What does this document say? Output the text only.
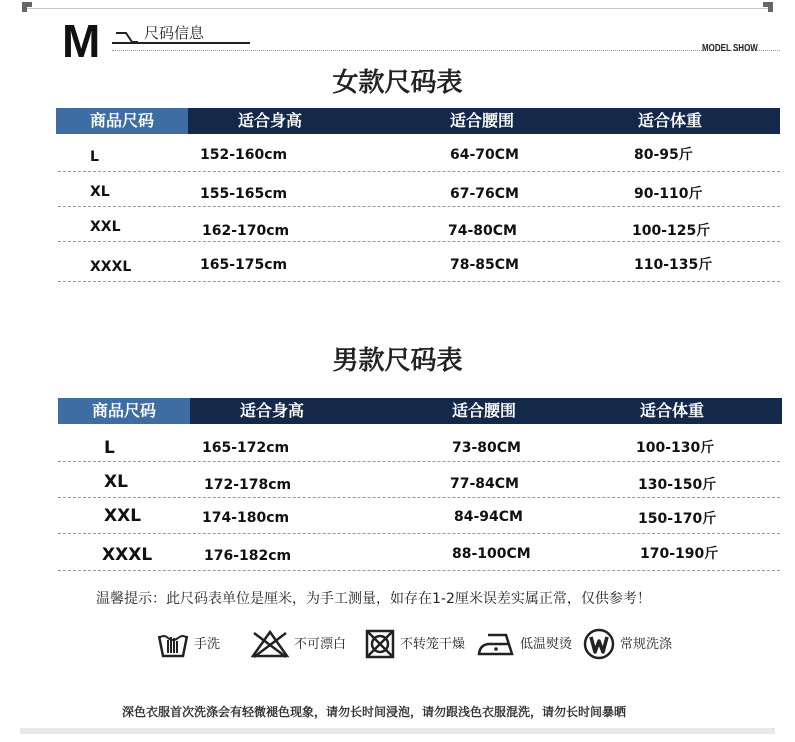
M	尺码信息
MODEL SHOW
女款尺码表
商品尺码	适合身高	适合腰围	适合体重
L	152-160cm	64-70CM	80-95斤
XL	155-165cm	67-76CM	90-110斤
XXL	162-170cm	74-80CM	100-125斤
XXXL	165-175cm	78-85CM	110-135斤
男款尺码表
商品尺码	适合身高	适合腰围	适合体重
L	165-172cm	73-80CM	100-130斤
XL	172-178cm	77-84CM	130-150斤
XXL	174-180cm	84-94CM	150-170斤
XXXL	176-182cm	88-100CM	170-190斤
温馨提示：此尺码表单位是厘米，为手工测量，如存在1-2厘米误差实属正常，仅供参考！
手洗	不可漂白	不转笼干燥	低温熨烫	常规洗涤
深色衣服首次洗涤会有轻微褪色现象，请勿长时间浸泡，请勿跟浅色衣服混洗，请勿长时间暴晒
